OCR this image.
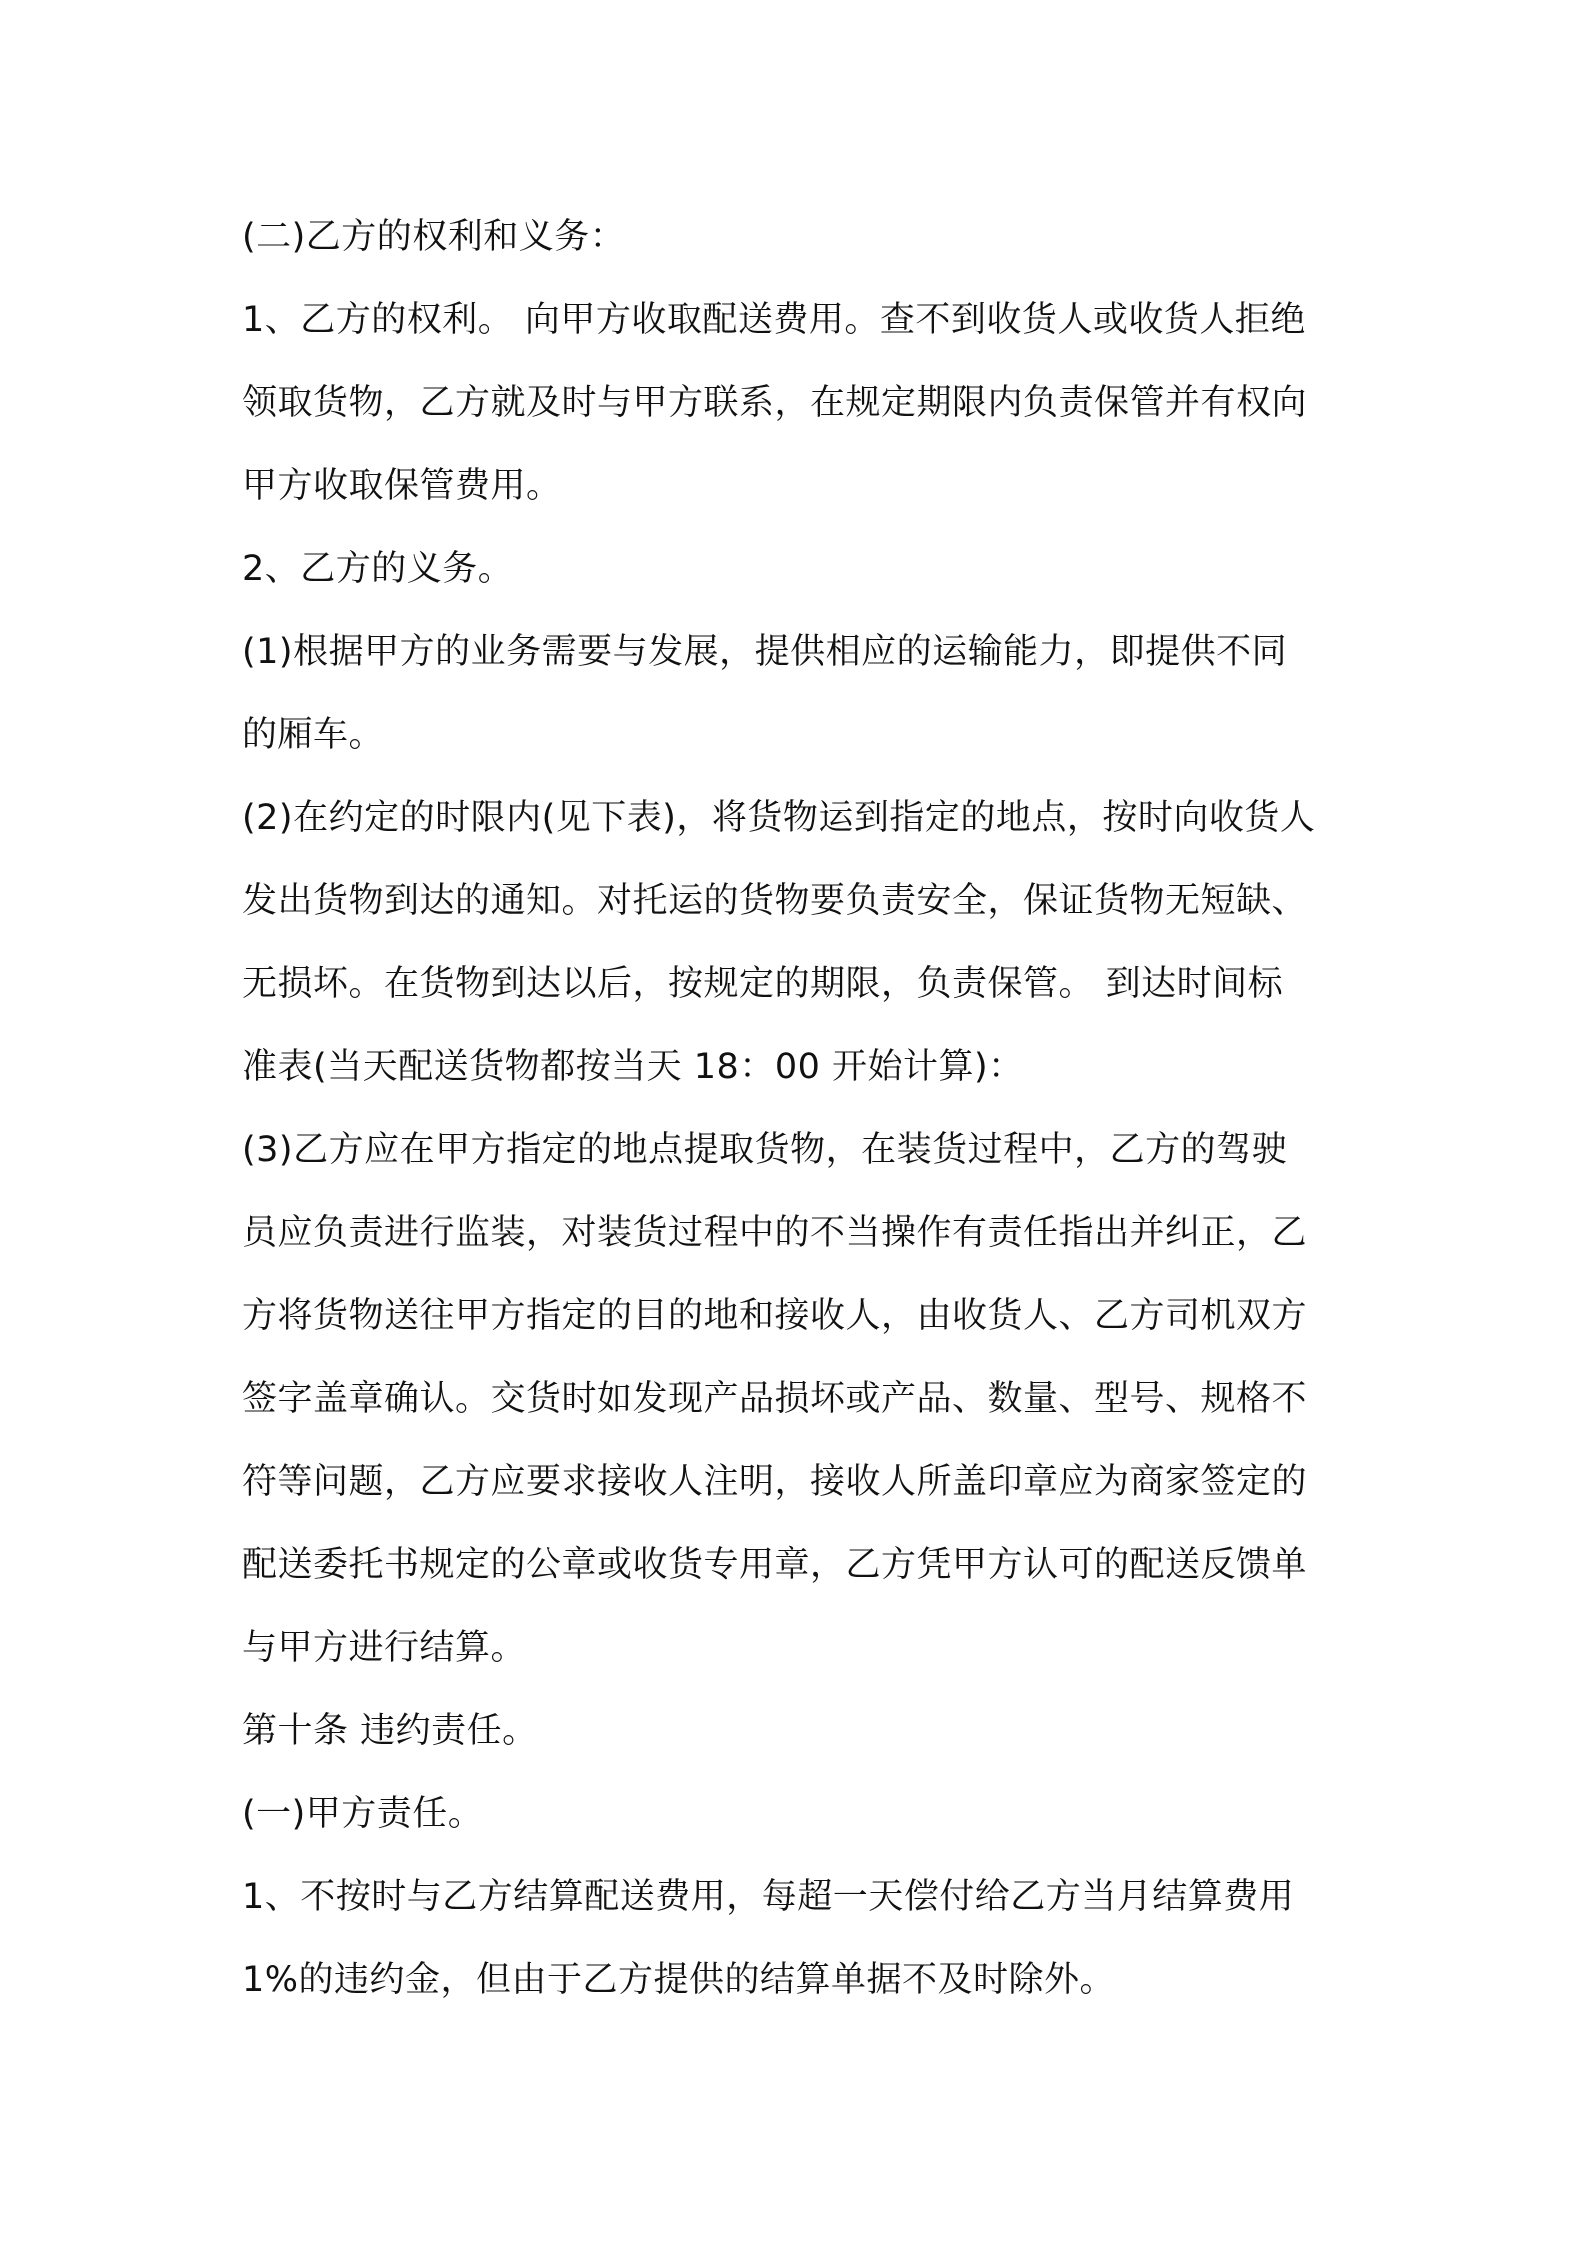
(二)乙方的权利和义务：

1、乙方的权利。 向甲方收取配送费用。查不到收货人或收货人拒绝
领取货物，乙方就及时与甲方联系，在规定期限内负责保管并有权向
甲方收取保管费用。

2、乙方的义务。

(1)根据甲方的业务需要与发展，提供相应的运输能力，即提供不同
的厢车。

(2)在约定的时限内(见下表)，将货物运到指定的地点，按时向收货人
发出货物到达的通知。对托运的货物要负责安全，保证货物无短缺、
无损坏。在货物到达以后，按规定的期限，负责保管。 到达时间标
准表(当天配送货物都按当天 18：00 开始计算)：

(3)乙方应在甲方指定的地点提取货物，在装货过程中，乙方的驾驶
员应负责进行监装，对装货过程中的不当操作有责任指出并纠正，乙
方将货物送往甲方指定的目的地和接收人，由收货人、乙方司机双方
签字盖章确认。交货时如发现产品损坏或产品、数量、型号、规格不
符等问题，乙方应要求接收人注明，接收人所盖印章应为商家签定的
配送委托书规定的公章或收货专用章，乙方凭甲方认可的配送反馈单
与甲方进行结算。

第十条 违约责任。

(一)甲方责任。

1、不按时与乙方结算配送费用，每超一天偿付给乙方当月结算费用
1%的违约金，但由于乙方提供的结算单据不及时除外。
